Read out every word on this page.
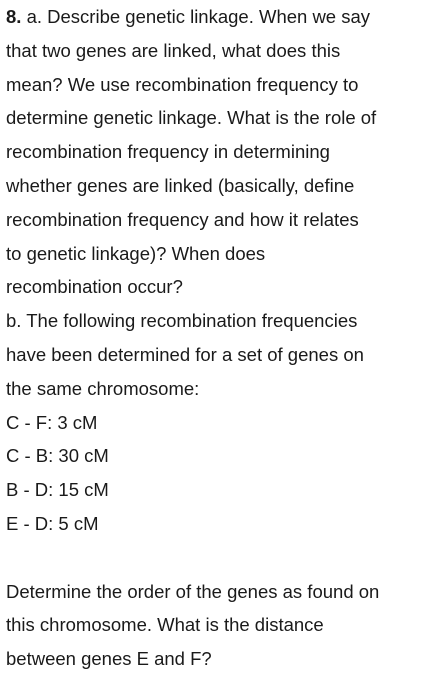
8. a. Describe genetic linkage. When we say
that two genes are linked, what does this
mean? We use recombination frequency to
determine genetic linkage. What is the role of
recombination frequency in determining
whether genes are linked (basically, define
recombination frequency and how it relates
to genetic linkage)? When does
recombination occur?
b. The following recombination frequencies
have been determined for a set of genes on
the same chromosome:
C - F: 3 cM
C - B: 30 cM
B - D: 15 cM
E - D: 5 cM
Determine the order of the genes as found on
this chromosome. What is the distance
between genes E and F?
